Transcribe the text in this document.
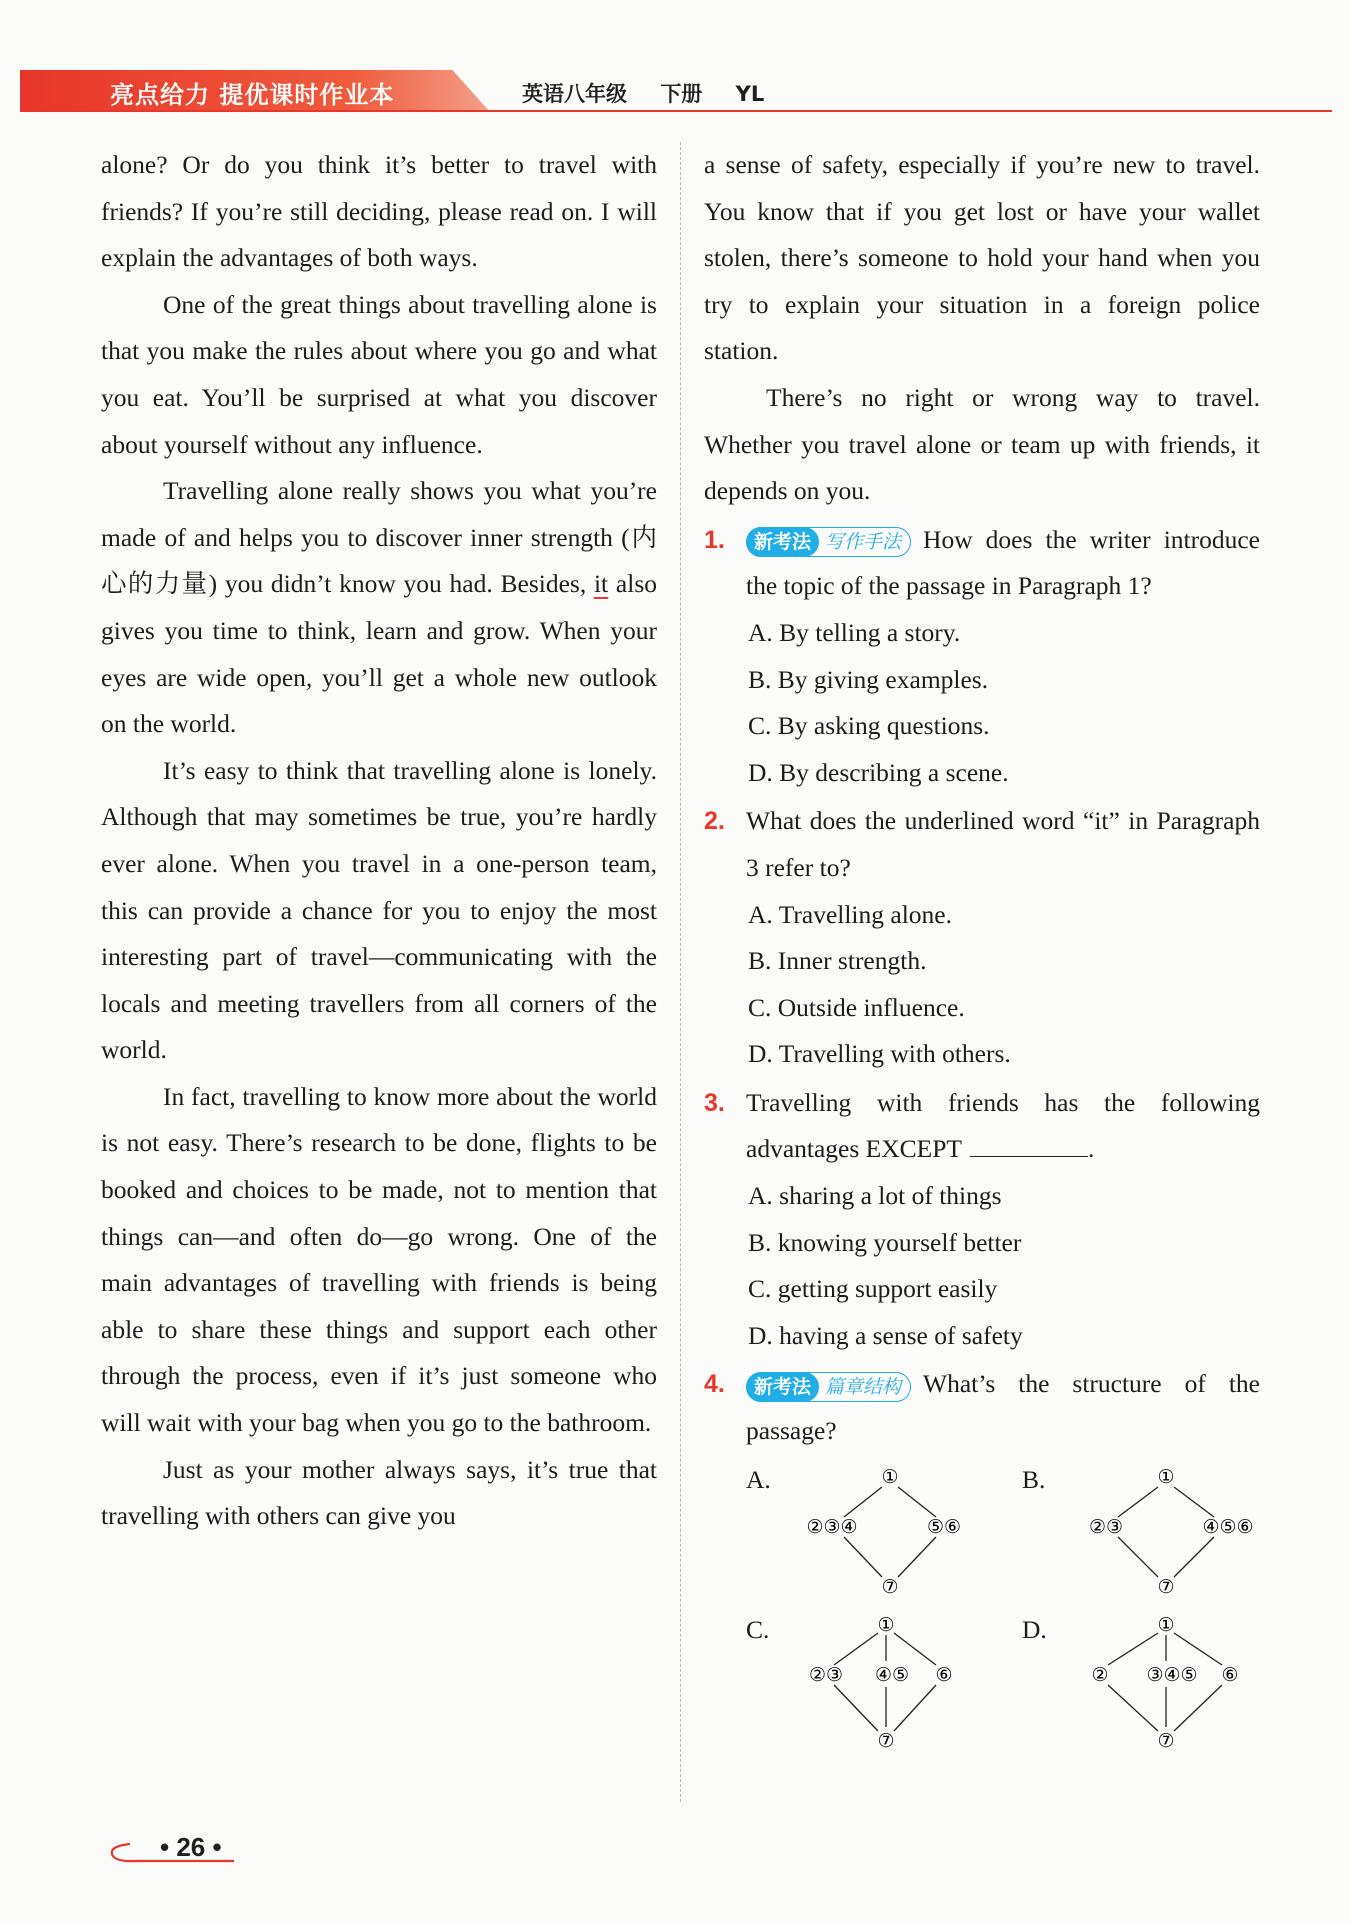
亮点给力 提优课时作业本	英语八年级 下册 YL

alone? Or do you think it’s better to travel with friends? If you’re still deciding, please read on. I will explain the advantages of both ways.

One of the great things about travelling alone is that you make the rules about where you go and what you eat. You’ll be surprised at what you discover about yourself without any influence.

Travelling alone really shows you what you’re made of and helps you to discover inner strength (内心的力量) you didn’t know you had. Besides, it also gives you time to think, learn and grow. When your eyes are wide open, you’ll get a whole new outlook on the world.

It’s easy to think that travelling alone is lonely. Although that may sometimes be true, you’re hardly ever alone. When you travel in a one-person team, this can provide a chance for you to enjoy the most interesting part of travel—communicating with the locals and meeting travellers from all corners of the world.

In fact, travelling to know more about the world is not easy. There’s research to be done, flights to be booked and choices to be made, not to mention that things can—and often do—go wrong. One of the main advantages of travelling with friends is being able to share these things and support each other through the process, even if it’s just someone who will wait with your bag when you go to the bathroom.

Just as your mother always says, it’s true that travelling with others can give you

a sense of safety, especially if you’re new to travel. You know that if you get lost or have your wallet stolen, there’s someone to hold your hand when you try to explain your situation in a foreign police station.

There’s no right or wrong way to travel. Whether you travel alone or team up with friends, it depends on you.

1.	新考法 写作手法 How does the writer introduce the topic of the passage in Paragraph 1?
A. By telling a story.
B. By giving examples.
C. By asking questions.
D. By describing a scene.
2. What does the underlined word “it” in Paragraph 3 refer to?
A. Travelling alone.
B. Inner strength.
C. Outside influence.
D. Travelling with others.
3. Travelling with friends has the following advantages EXCEPT	.
A. sharing a lot of things
B. knowing yourself better
C. getting support easily
D. having a sense of safety
4.	新考法 篇章结构 What’s the structure of the passage?
A.	①
②③④	⑤⑥
⑦
B.	①
②③	④⑤⑥
⑦
C.	①
②③ ④⑤ ⑥
⑦
D.	①
② ③④⑤ ⑥
⑦
• 26 •
